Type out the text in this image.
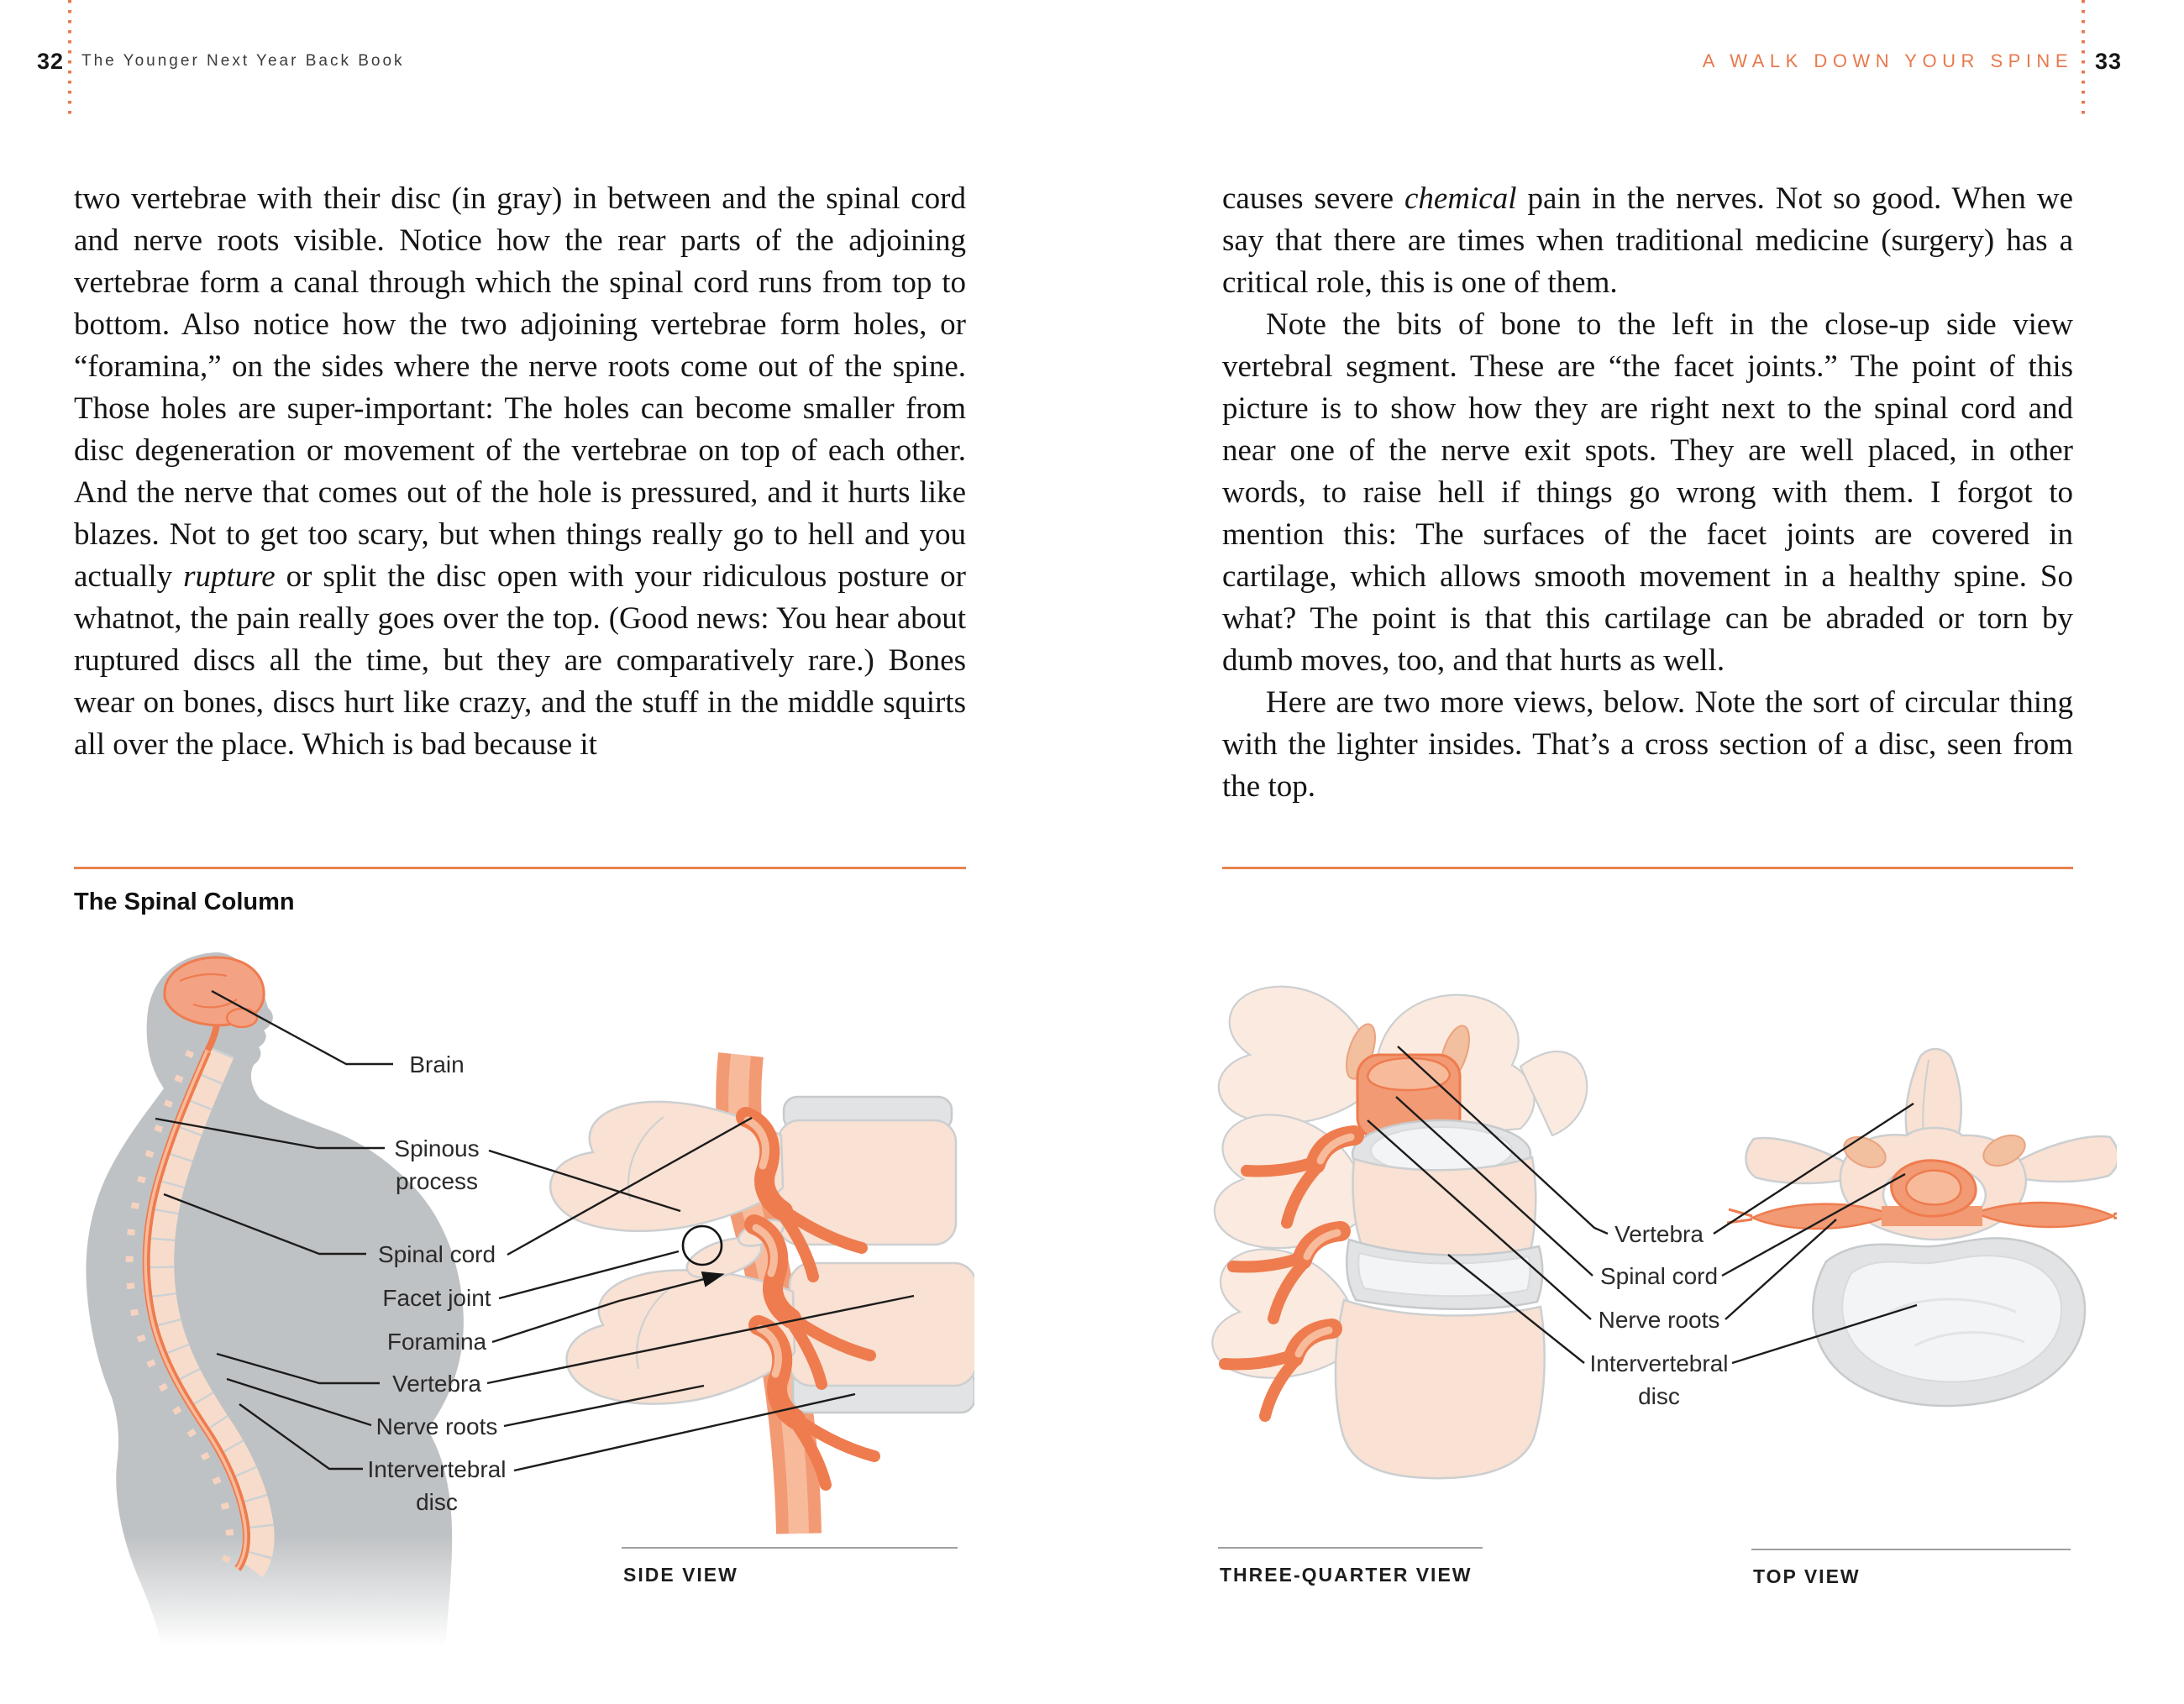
32 The Younger Next Year Back Book	A WALK DOWN YOUR SPINE 33

two vertebrae with their disc (in gray) in between and the spinal cord and nerve roots visible. Notice how the rear parts of the adjoining vertebrae form a canal through which the spinal cord runs from top to bottom. Also notice how the two adjoining vertebrae form holes, or “foramina,” on the sides where the nerve roots come out of the spine. Those holes are super-important: The holes can become smaller from disc degeneration or movement of the vertebrae on top of each other. And the nerve that comes out of the hole is pressured, and it hurts like blazes. Not to get too scary, but when things really go to hell and you actually rupture or split the disc open with your ridiculous posture or whatnot, the pain really goes over the top. (Good news: You hear about ruptured discs all the time, but they are comparatively rare.) Bones wear on bones, discs hurt like crazy, and the stuff in the middle squirts all over the place. Which is bad because it

causes severe chemical pain in the nerves. Not so good. When we say that there are times when traditional medicine (surgery) has a critical role, this is one of them.

Note the bits of bone to the left in the close-up side view vertebral segment. These are “the facet joints.” The point of this picture is to show how they are right next to the spinal cord and near one of the nerve exit spots. They are well placed, in other words, to raise hell if things go wrong with them. I forgot to mention this: The surfaces of the facet joints are covered in cartilage, which allows smooth movement in a healthy spine. So what? The point is that this cartilage can be abraded or torn by dumb moves, too, and that hurts as well.

Here are two more views, below. Note the sort of circular thing with the lighter insides. That’s a cross section of a disc, seen from the top.

The Spinal Column
Brain
Spinous process
Spinal cord
Facet joint
Foramina
Vertebra
Nerve roots
Intervertebral disc
SIDE VIEW
Vertebra
Spinal cord
Nerve roots
Intervertebral disc
THREE-QUARTER VIEW	TOP VIEW
